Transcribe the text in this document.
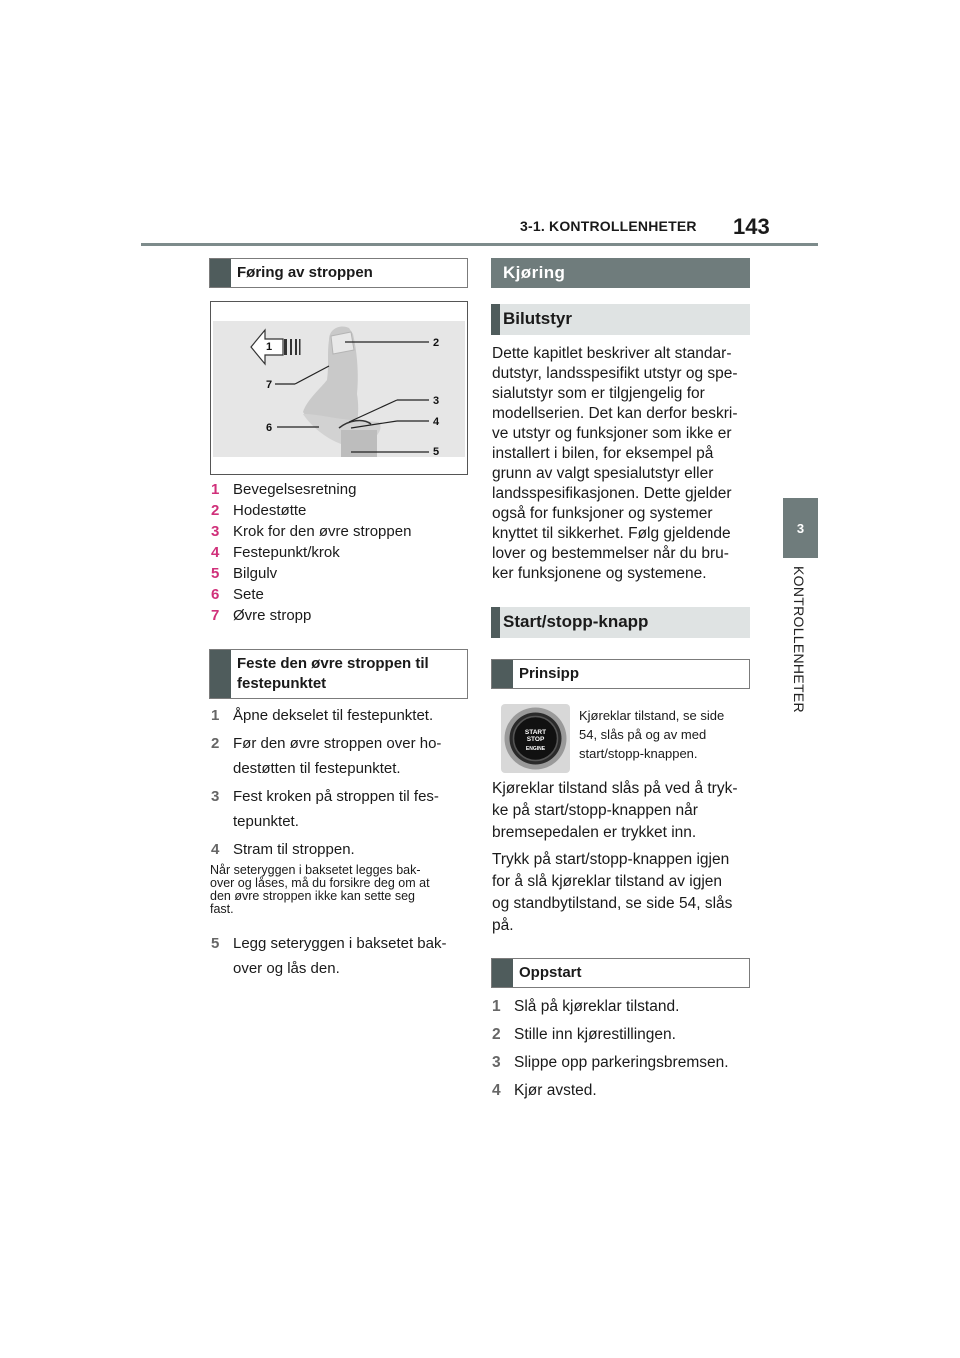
3-1. KONTROLLENHETER 143
3
KONTROLLENHETER
Føring av stroppen
1	2
3
4
5
6
7
1 Bevegelsesretning
2 Hodestøtte
3 Krok for den øvre stroppen
4 Festepunkt/krok
5 Bilgulv
6 Sete
7 Øvre stropp
Feste den øvre stroppen til festepunktet
1 Åpne dekselet til festepunktet.
2 Før den øvre stroppen over ho-
destøtten til festepunktet.
3 Fest kroken på stroppen til fes-
tepunktet.
4 Stram til stroppen.
Når seteryggen i baksetet legges bak-
over og låses, må du forsikre deg om at
den øvre stroppen ikke kan sette seg
fast.
5 Legg seteryggen i baksetet bak-
over og lås den.
Kjøring
Bilutstyr
Dette kapitlet beskriver alt standar-
dutstyr, landsspesifikt utstyr og spe-
sialutstyr som er tilgjengelig for
modellserien. Det kan derfor beskri-
ve utstyr og funksjoner som ikke er
installert i bilen, for eksempel på
grunn av valgt spesialutstyr eller
landsspesifikasjonen. Dette gjelder
også for funksjoner og systemer
knyttet til sikkerhet. Følg gjeldende
lover og bestemmelser når du bru-
ker funksjonene og systemene.
Start/stopp-knapp
Prinsipp
START
STOP
ENGINE
Kjøreklar tilstand, se side
54, slås på og av med
start/stopp-knappen.
Kjøreklar tilstand slås på ved å tryk-
ke på start/stopp-knappen når
bremsepedalen er trykket inn.
Trykk på start/stopp-knappen igjen
for å slå kjøreklar tilstand av igjen
og standbytilstand, se side 54, slås
på.
Oppstart
1 Slå på kjøreklar tilstand.
2 Stille inn kjørestillingen.
3 Slippe opp parkeringsbremsen.
4 Kjør avsted.
